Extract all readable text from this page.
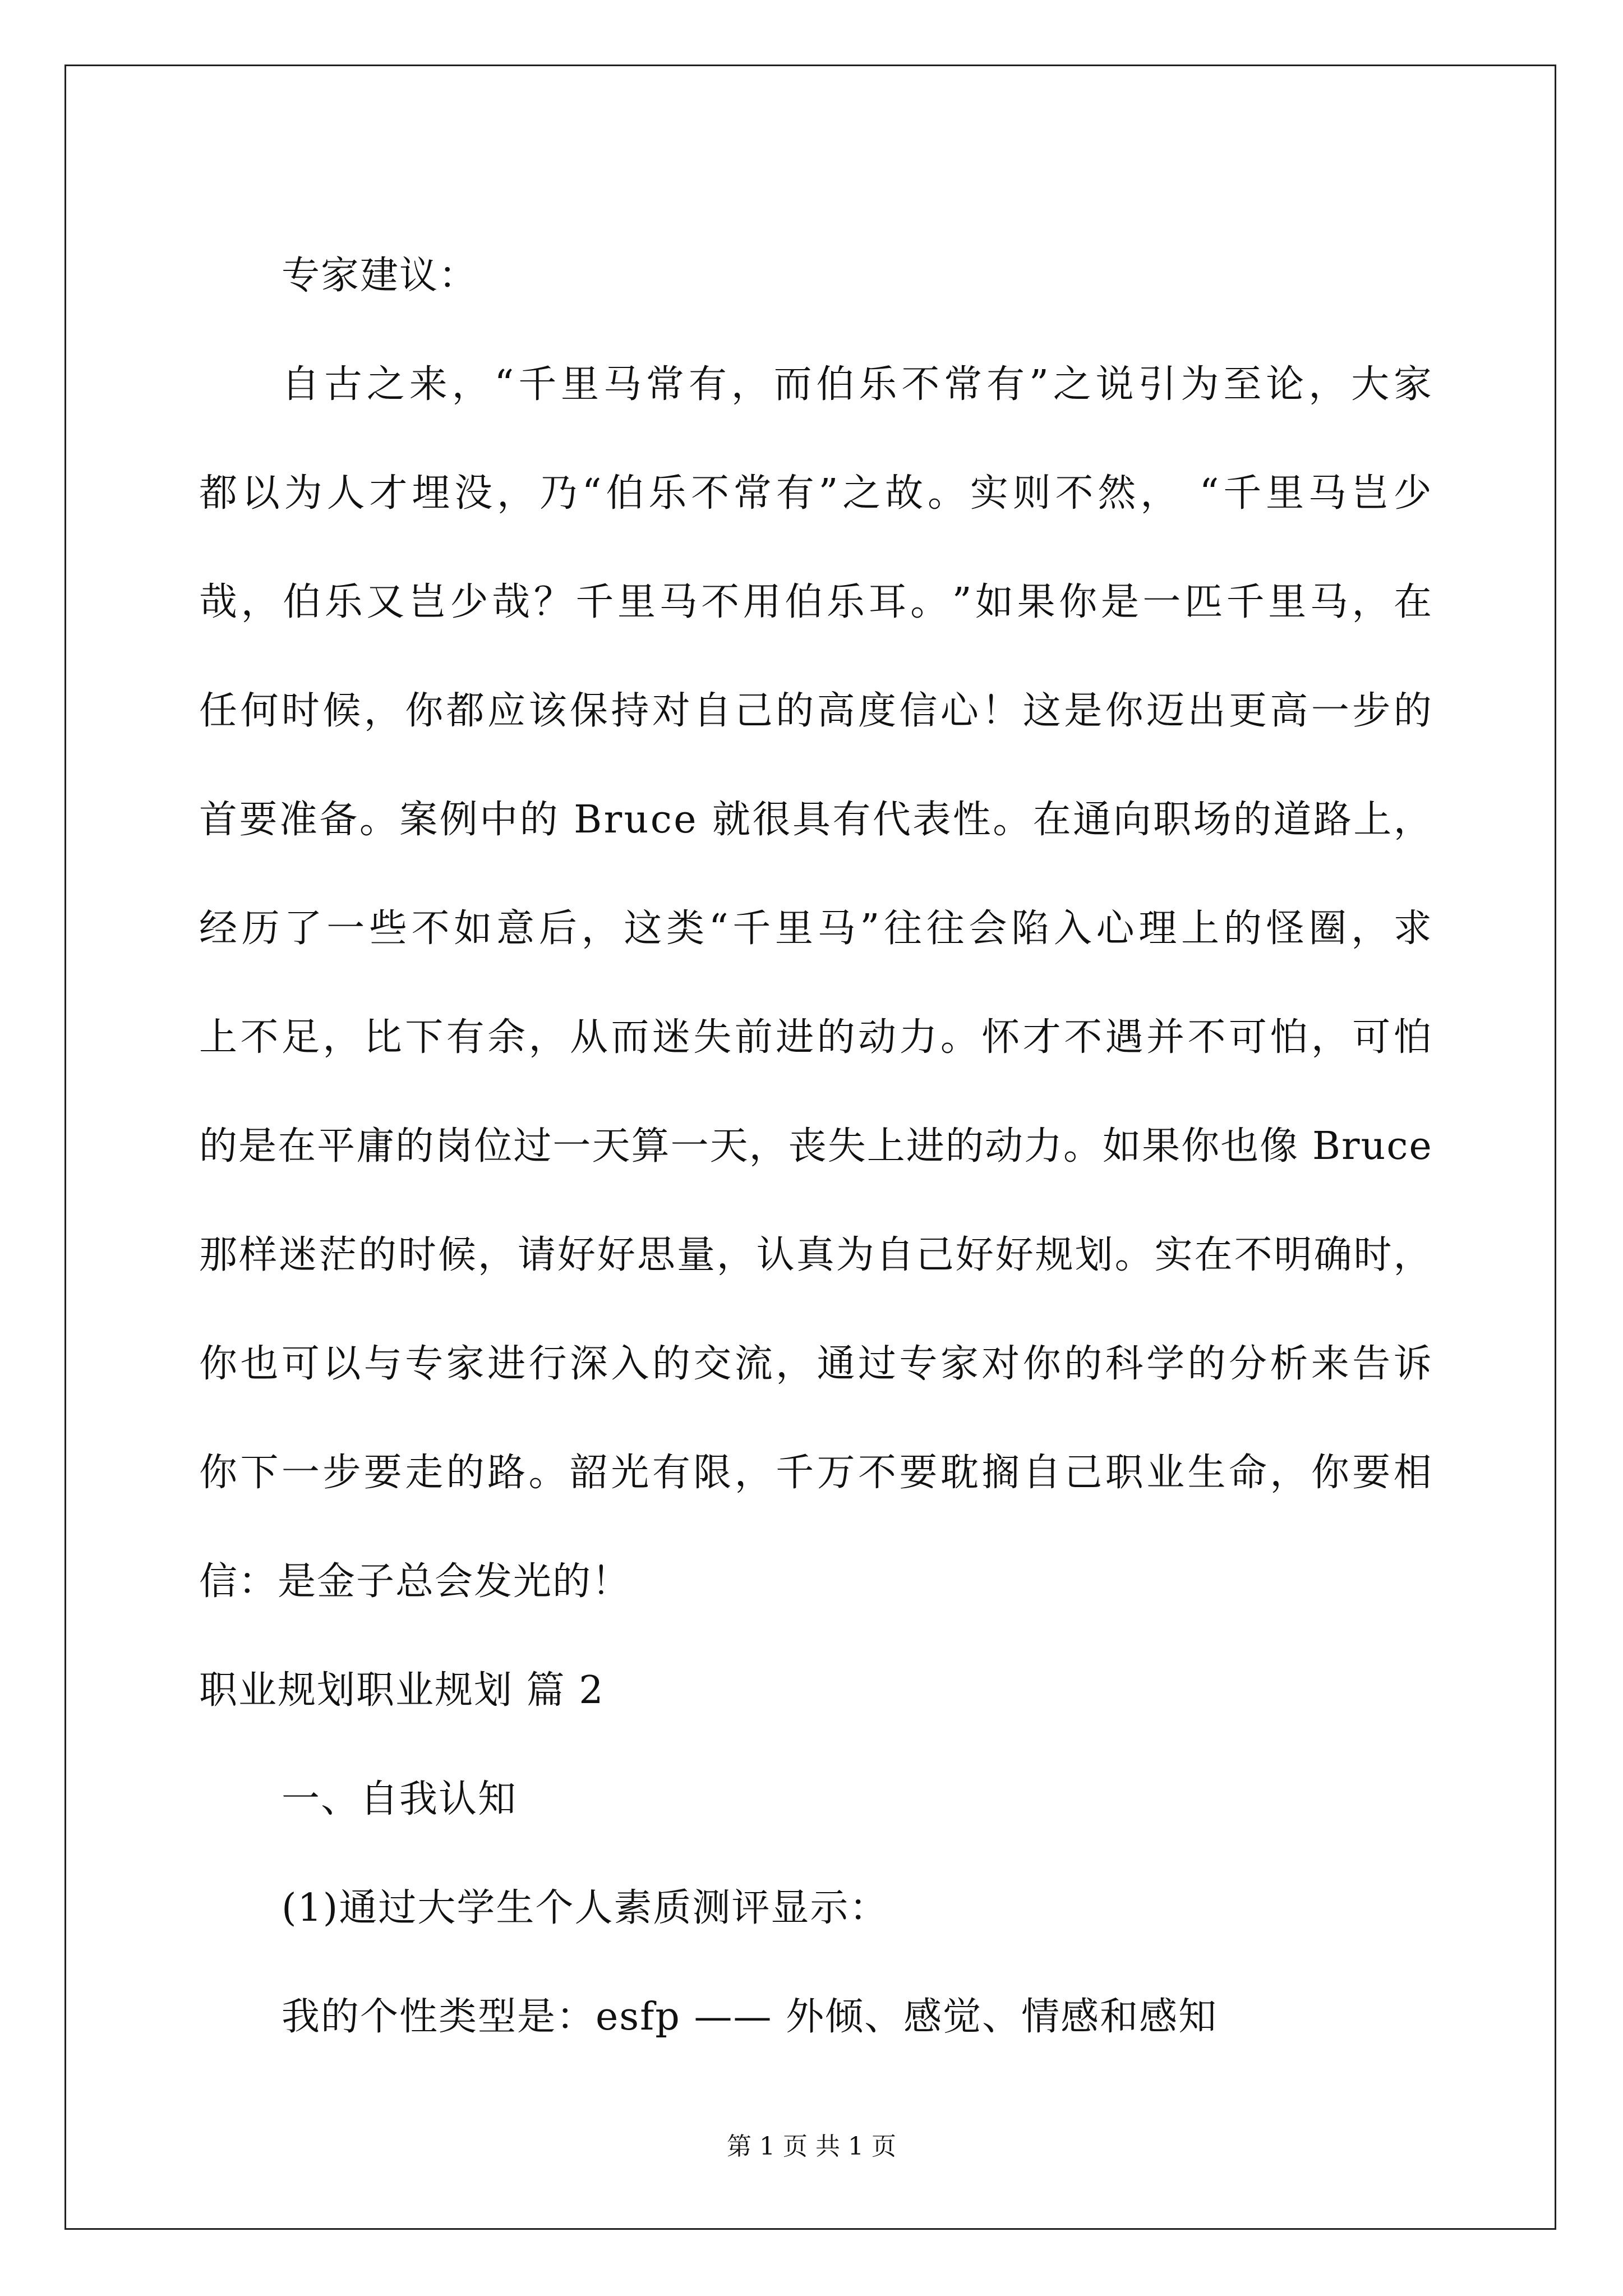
专家建议：
自 古 之 来 ， “ 千 里 马 常 有 ， 而 伯 乐 不 常 有 ” 之 说 引 为 至 论 ， 大 家
都 以 为 人 才 埋 没 ， 乃 “ 伯 乐 不 常 有 ” 之 故 。 实 则 不 然 ，
“ 千 里 马 岂 少
哉 ， 伯 乐 又 岂 少 哉 ？ 千 里 马 不 用 伯 乐 耳 。 ” 如 果 你 是 一 匹 千 里 马 ， 在
任 何 时 候 ， 你 都 应 该 保 持 对 自 己 的 高 度 信 心 ！ 这 是 你 迈 出 更 高 一 步 的
首 要 准 备 。 案 例 中 的
B r u c e
就 很 具 有 代 表 性 。 在 通 向 职 场 的 道 路 上 ，
经 历 了 一 些 不 如 意 后 ， 这 类 “ 千 里 马 ” 往 往 会 陷 入 心 理 上 的 怪 圈 ， 求
上 不 足 ， 比 下 有 余 ， 从 而 迷 失 前 进 的 动 力 。 怀 才 不 遇 并 不 可 怕 ， 可 怕
的 是 在 平 庸 的 岗 位 过 一 天 算 一 天 ， 丧 失 上 进 的 动 力 。 如 果 你 也 像
B r u c e
那 样 迷 茫 的 时 候 ， 请 好 好 思 量 ， 认 真 为 自 己 好 好 规 划 。 实 在 不 明 确 时 ，
你 也 可 以 与 专 家 进 行 深 入 的 交 流 ， 通 过 专 家 对 你 的 科 学 的 分 析 来 告 诉
你 下 一 步 要 走 的 路 。 韶 光 有 限 ， 千 万 不 要 耽 搁 自 己 职 业 生 命 ， 你 要 相
信：是金子总会发光的！
职业规划职业规划 篇 2
一、自我认知
(1)通过大学生个人素质测评显示：
我的个性类型是：esfp —— 外倾、感觉、情感和感知
第 1 页 共 1 页
